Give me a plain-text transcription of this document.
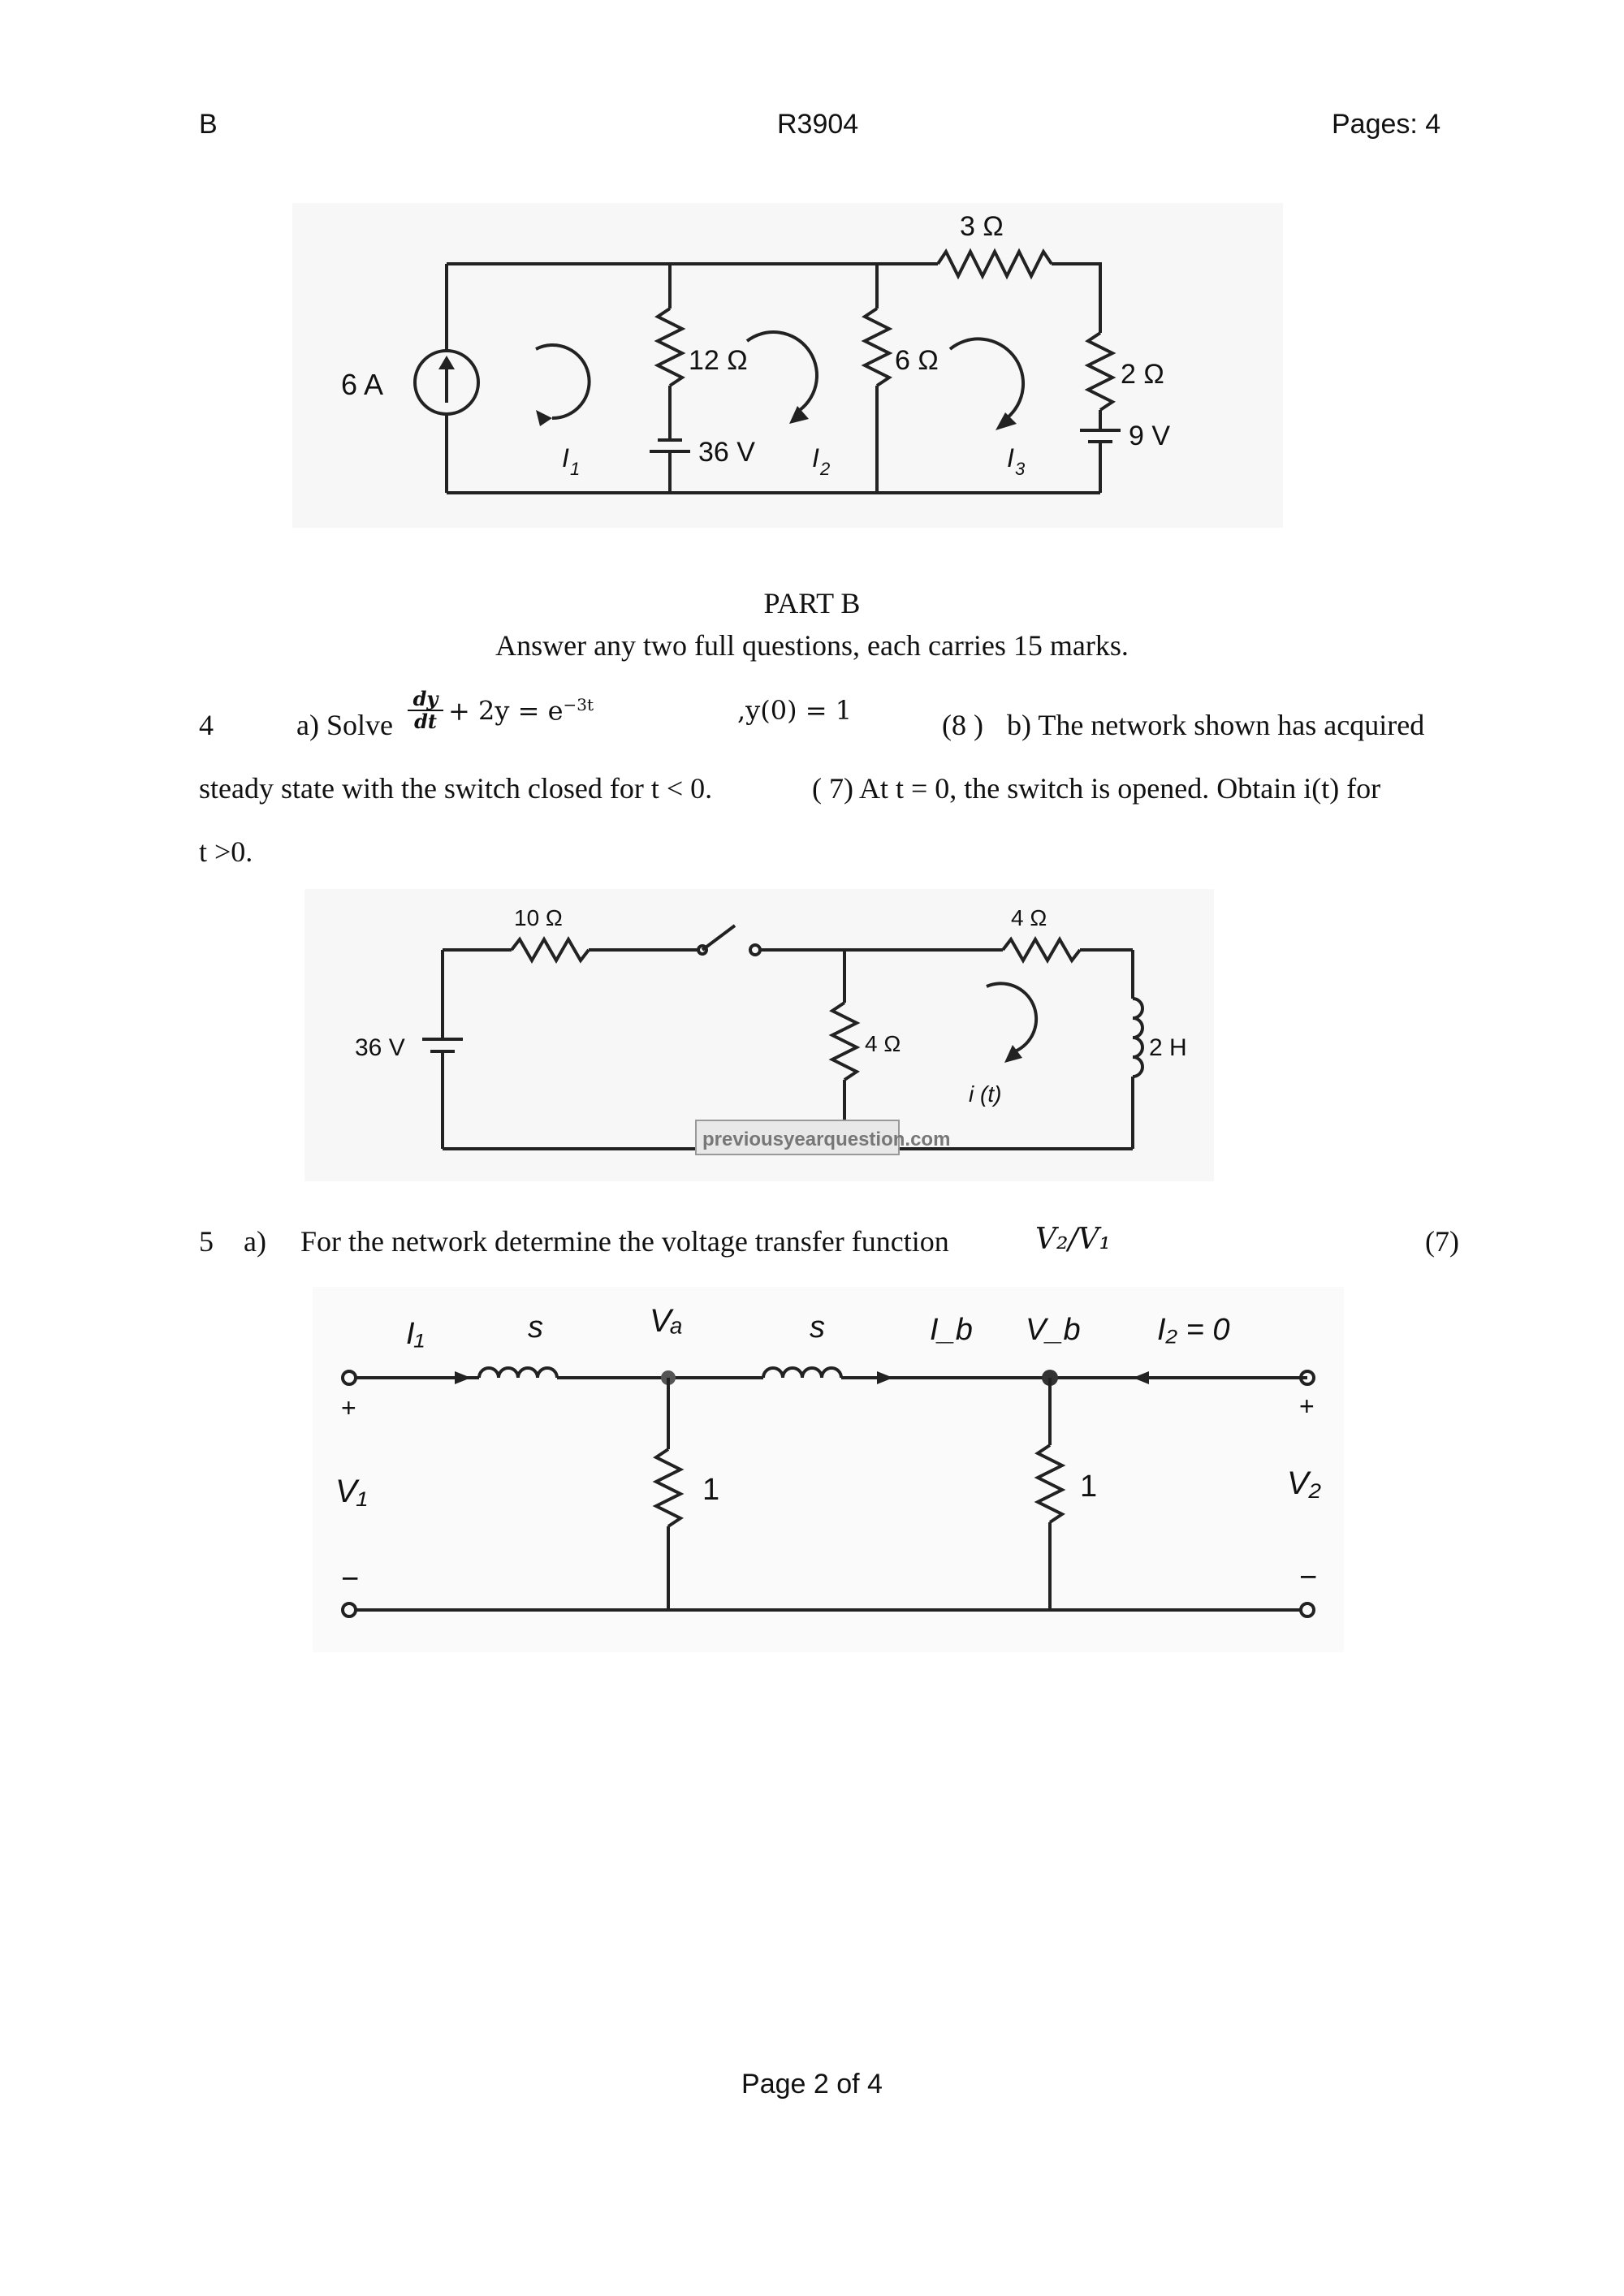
B	R3904	Pages: 4
6 A
12 Ω
36 V
6 Ω
3 Ω
2 Ω
9 V
I 1	I 2	I 3
PART B
Answer any two full questions, each carries 15 marks.
4	a) Solve $\frac{dy}{dt} + 2y = e^{-3t}$	,y(0) = 1	(8 ) b) The network shown has acquired
steady state with the switch closed for t < 0.	( 7) At t = 0, the switch is opened. Obtain i(t) for
t >0.
36 V
10 Ω	4 Ω
2 H
4 Ω
i (t)
previousyearquestion.com
5 a) For the network determine the voltage transfer function	V₂/V₁	(7)
I₁	s	Vₐ	s	I_b V_b I₂ = 0
+
V₁
−
1	1
+
V₂
−
Page 2 of 4
